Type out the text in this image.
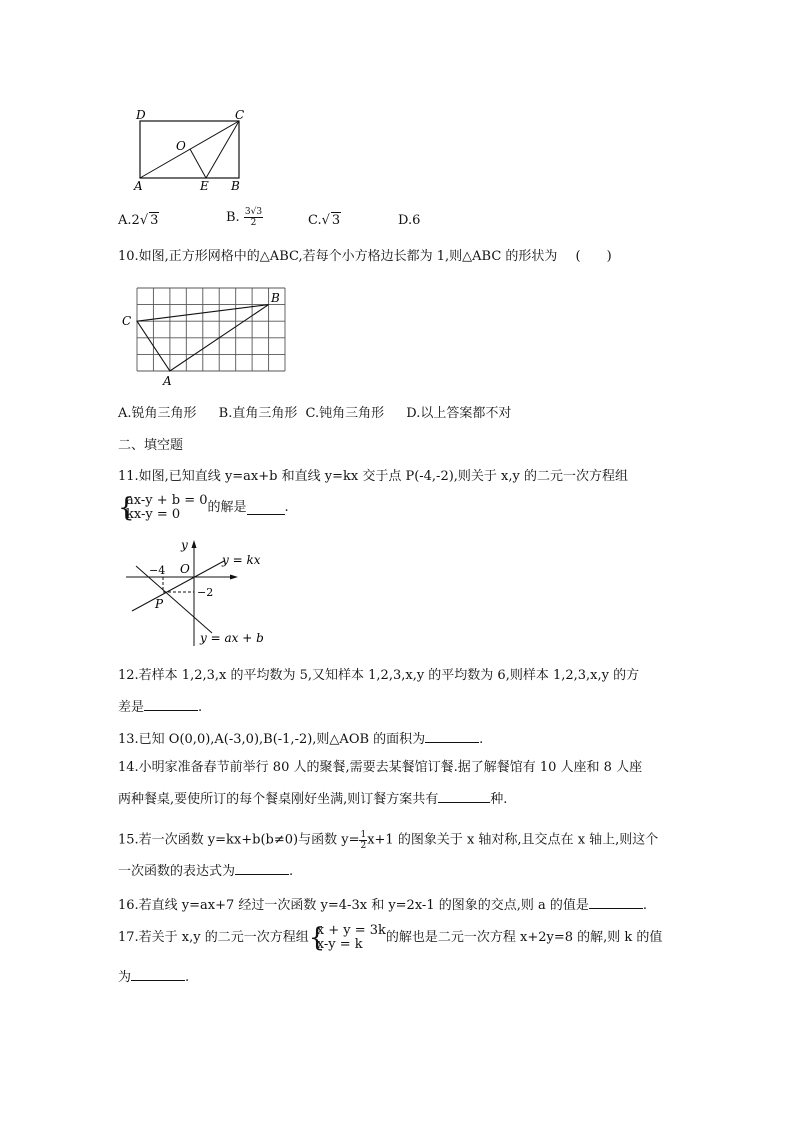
D	C
O
A	E B
A.2√ 3	B. $\frac{3√3}{2}$	C.√ 3	D.6
10.如图,正方形网格中的△ABC,若每个小方格边长都为 1,则△ABC 的形状为 (　　)
B
C
A
A.锐角三角形 B.直角三角形 C.钝角三角形 D.以上答案都不对
二、填空题
11.如图,已知直线 y=ax+b 和直线 y=kx 交于点 P(-4,-2),则关于 x,y 的二元一次方程组
{
ax-y + b = 0
kx-y = 0	的解是	.
y
O
−4
−2
P
y = kx
y = ax + b
12.若样本 1,2,3,x 的平均数为 5,又知样本 1,2,3,x,y 的平均数为 6,则样本 1,2,3,x,y 的方
差是	.
13.已知 O(0,0),A(-3,0),B(-1,-2),则△AOB 的面积为	.
14.小明家准备春节前举行 80 人的聚餐,需要去某餐馆订餐.据了解餐馆有 10 人座和 8 人座
两种餐桌,要使所订的每个餐桌刚好坐满,则订餐方案共有	种.
15.若一次函数 y=kx+b(b≠0)与函数 $y= \frac{1}{2} x+1$ 的图象关于 x 轴对称,且交点在 x 轴上,则这个
一次函数的表达式为	.
16.若直线 y=ax+7 经过一次函数 y=4-3x 和 y=2x-1 的图象的交点,则 a 的值是	.
17.若关于 x,y 的二元一次方程组 {
x + y = 3k
x-y = k	的解也是二元一次方程 x+2y=8 的解,则 k 的值
为	.
